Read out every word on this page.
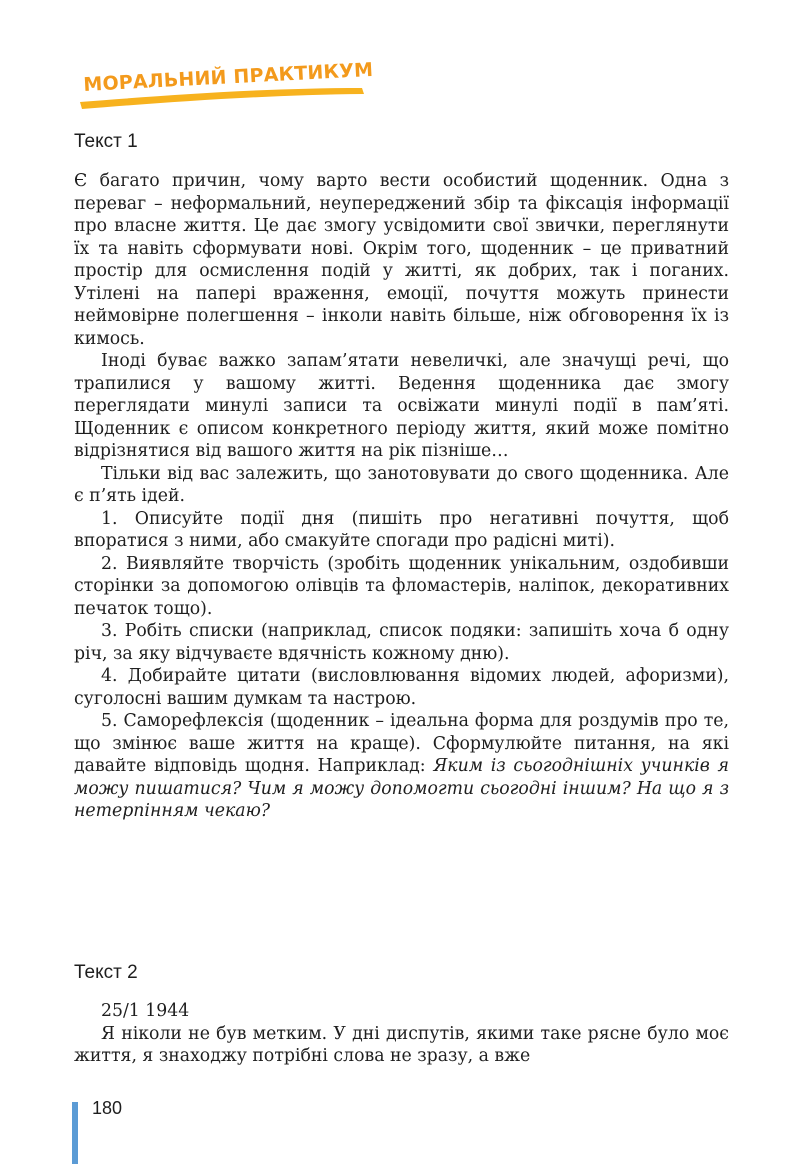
МОРАЛЬНИЙ ПРАКТИКУМ
Текст 1

Є багато причин, чому варто вести особистий щоденник. Одна з переваг – неформальний, неупереджений збір та фіксація інформації про власне життя. Це дає змогу усвідомити свої звички, переглянути їх та навіть сформувати нові. Окрім того, щоденник – це приватний простір для осмислення подій у житті, як добрих, так і поганих. Утілені на папері враження, емоції, почуття можуть принести неймовірне полегшення – інколи навіть більше, ніж обговорення їх із кимось.

Іноді буває важко запам’ятати невеличкі, але значущі речі, що трапилися у вашому житті. Ведення щоденника дає змогу переглядати минулі записи та освіжати минулі події в пам’яті. Щоденник є описом конкретного періоду життя, який може помітно відрізнятися від вашого життя на рік пізніше…

Тільки від вас залежить, що занотовувати до свого щоденника. Але є п’ять ідей.

1. Описуйте події дня (пишіть про негативні почуття, щоб впоратися з ними, або смакуйте спогади про радісні миті).

2. Виявляйте творчість (зробіть щоденник унікальним, оздобивши сторінки за допомогою олівців та фломастерів, наліпок, декоративних печаток тощо).

3. Робіть списки (наприклад, список подяки: запишіть хоча б одну річ, за яку відчуваєте вдячність кожному дню).

4. Добирайте цитати (висловлювання відомих людей, афоризми), суголосні вашим думкам та настрою.

5. Саморефлексія (щоденник – ідеальна форма для роздумів про те, що змінює ваше життя на краще). Сформулюйте питання, на які давайте відповідь щодня. Наприклад: Яким із сьогоднішніх учинків я можу пишатися? Чим я можу допомогти сьогодні іншим? На що я з нетерпінням чекаю?

Текст 2

25/1 1944

Я ніколи не був метким. У дні диспутів, якими таке рясне було моє життя, я знаходжу потрібні слова не зразу, а вже

180
